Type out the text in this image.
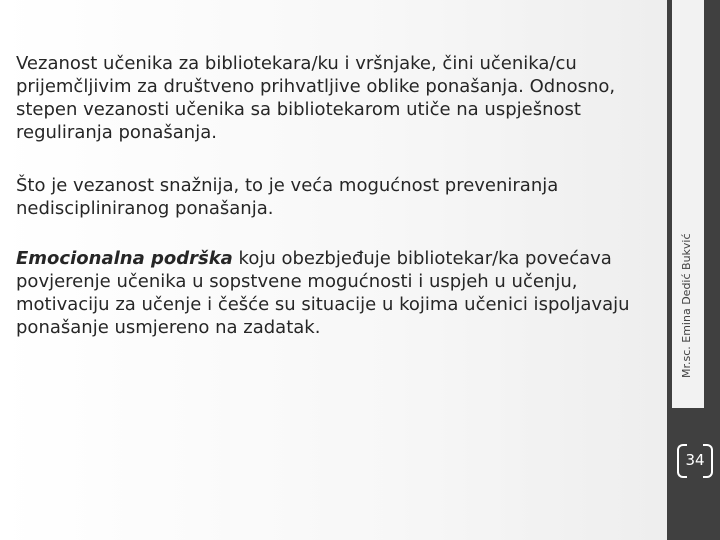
Vezanost učenika za bibliotekara/ku i vršnjake, čini učenika/cu prijemčljivim za društveno prihvatljive oblike ponašanja. Odnosno, stepen vezanosti učenika sa bibliotekarom utiče na uspješnost reguliranja ponašanja.

Što je vezanost snažnija, to je veća mogućnost preveniranja nediscipliniranog ponašanja.

Emocionalna podrška koju obezbjeđuje bibliotekar/ka povećava povjerenje učenika u sopstvene mogućnosti i uspjeh u učenju, motivaciju za učenje i češće su situacije u kojima učenici ispoljavaju ponašanje usmjereno na zadatak.	Mr.sc. Emina Dedić Bukvić
34
